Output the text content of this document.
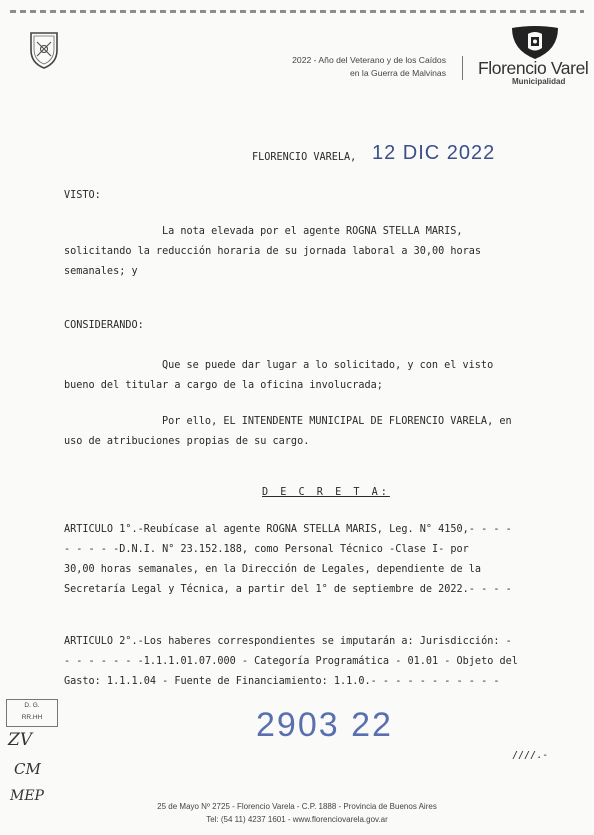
2022 - Año del Veterano y de los Caídos
en la Guerra de Malvinas Florencio Varel
Municipalidad
FLORENCIO VARELA, 12 DIC 2022
VISTO:
La nota elevada por el agente ROGNA STELLA MARIS,
solicitando la reducción horaria de su jornada laboral a 30,00 horas
semanales; y
CONSIDERANDO:
Que se puede dar lugar a lo solicitado, y con el visto
bueno del titular a cargo de la oficina involucrada;
Por ello, EL INTENDENTE MUNICIPAL DE FLORENCIO VARELA, en
uso de atribuciones propias de su cargo.
D E C R E T A:
ARTICULO 1°.-Reubícase al agente ROGNA STELLA MARIS, Leg. N° 4150,- - - -
- - - - -D.N.I. N° 23.152.188, como Personal Técnico -Clase I- por
30,00 horas semanales, en la Dirección de Legales, dependiente de la
Secretaría Legal y Técnica, a partir del 1° de septiembre de 2022.- - - -
ARTICULO 2°.-Los haberes correspondientes se imputarán a: Jurisdicción: -
- - - - - - -1.1.1.01.07.000 - Categoría Programática - 01.01 - Objeto del
Gasto: 1.1.1.04 - Fuente de Financiamiento: 1.1.0.- - - - - - - - - - -
2903 22
////.-
D. G.
RR.HH
ZV
CM
MEP
25 de Mayo Nº 2725 - Florencio Varela - C.P. 1888 - Provincia de Buenos Aires
Tel: (54 11) 4237 1601 - www.florenciovarela.gov.ar
